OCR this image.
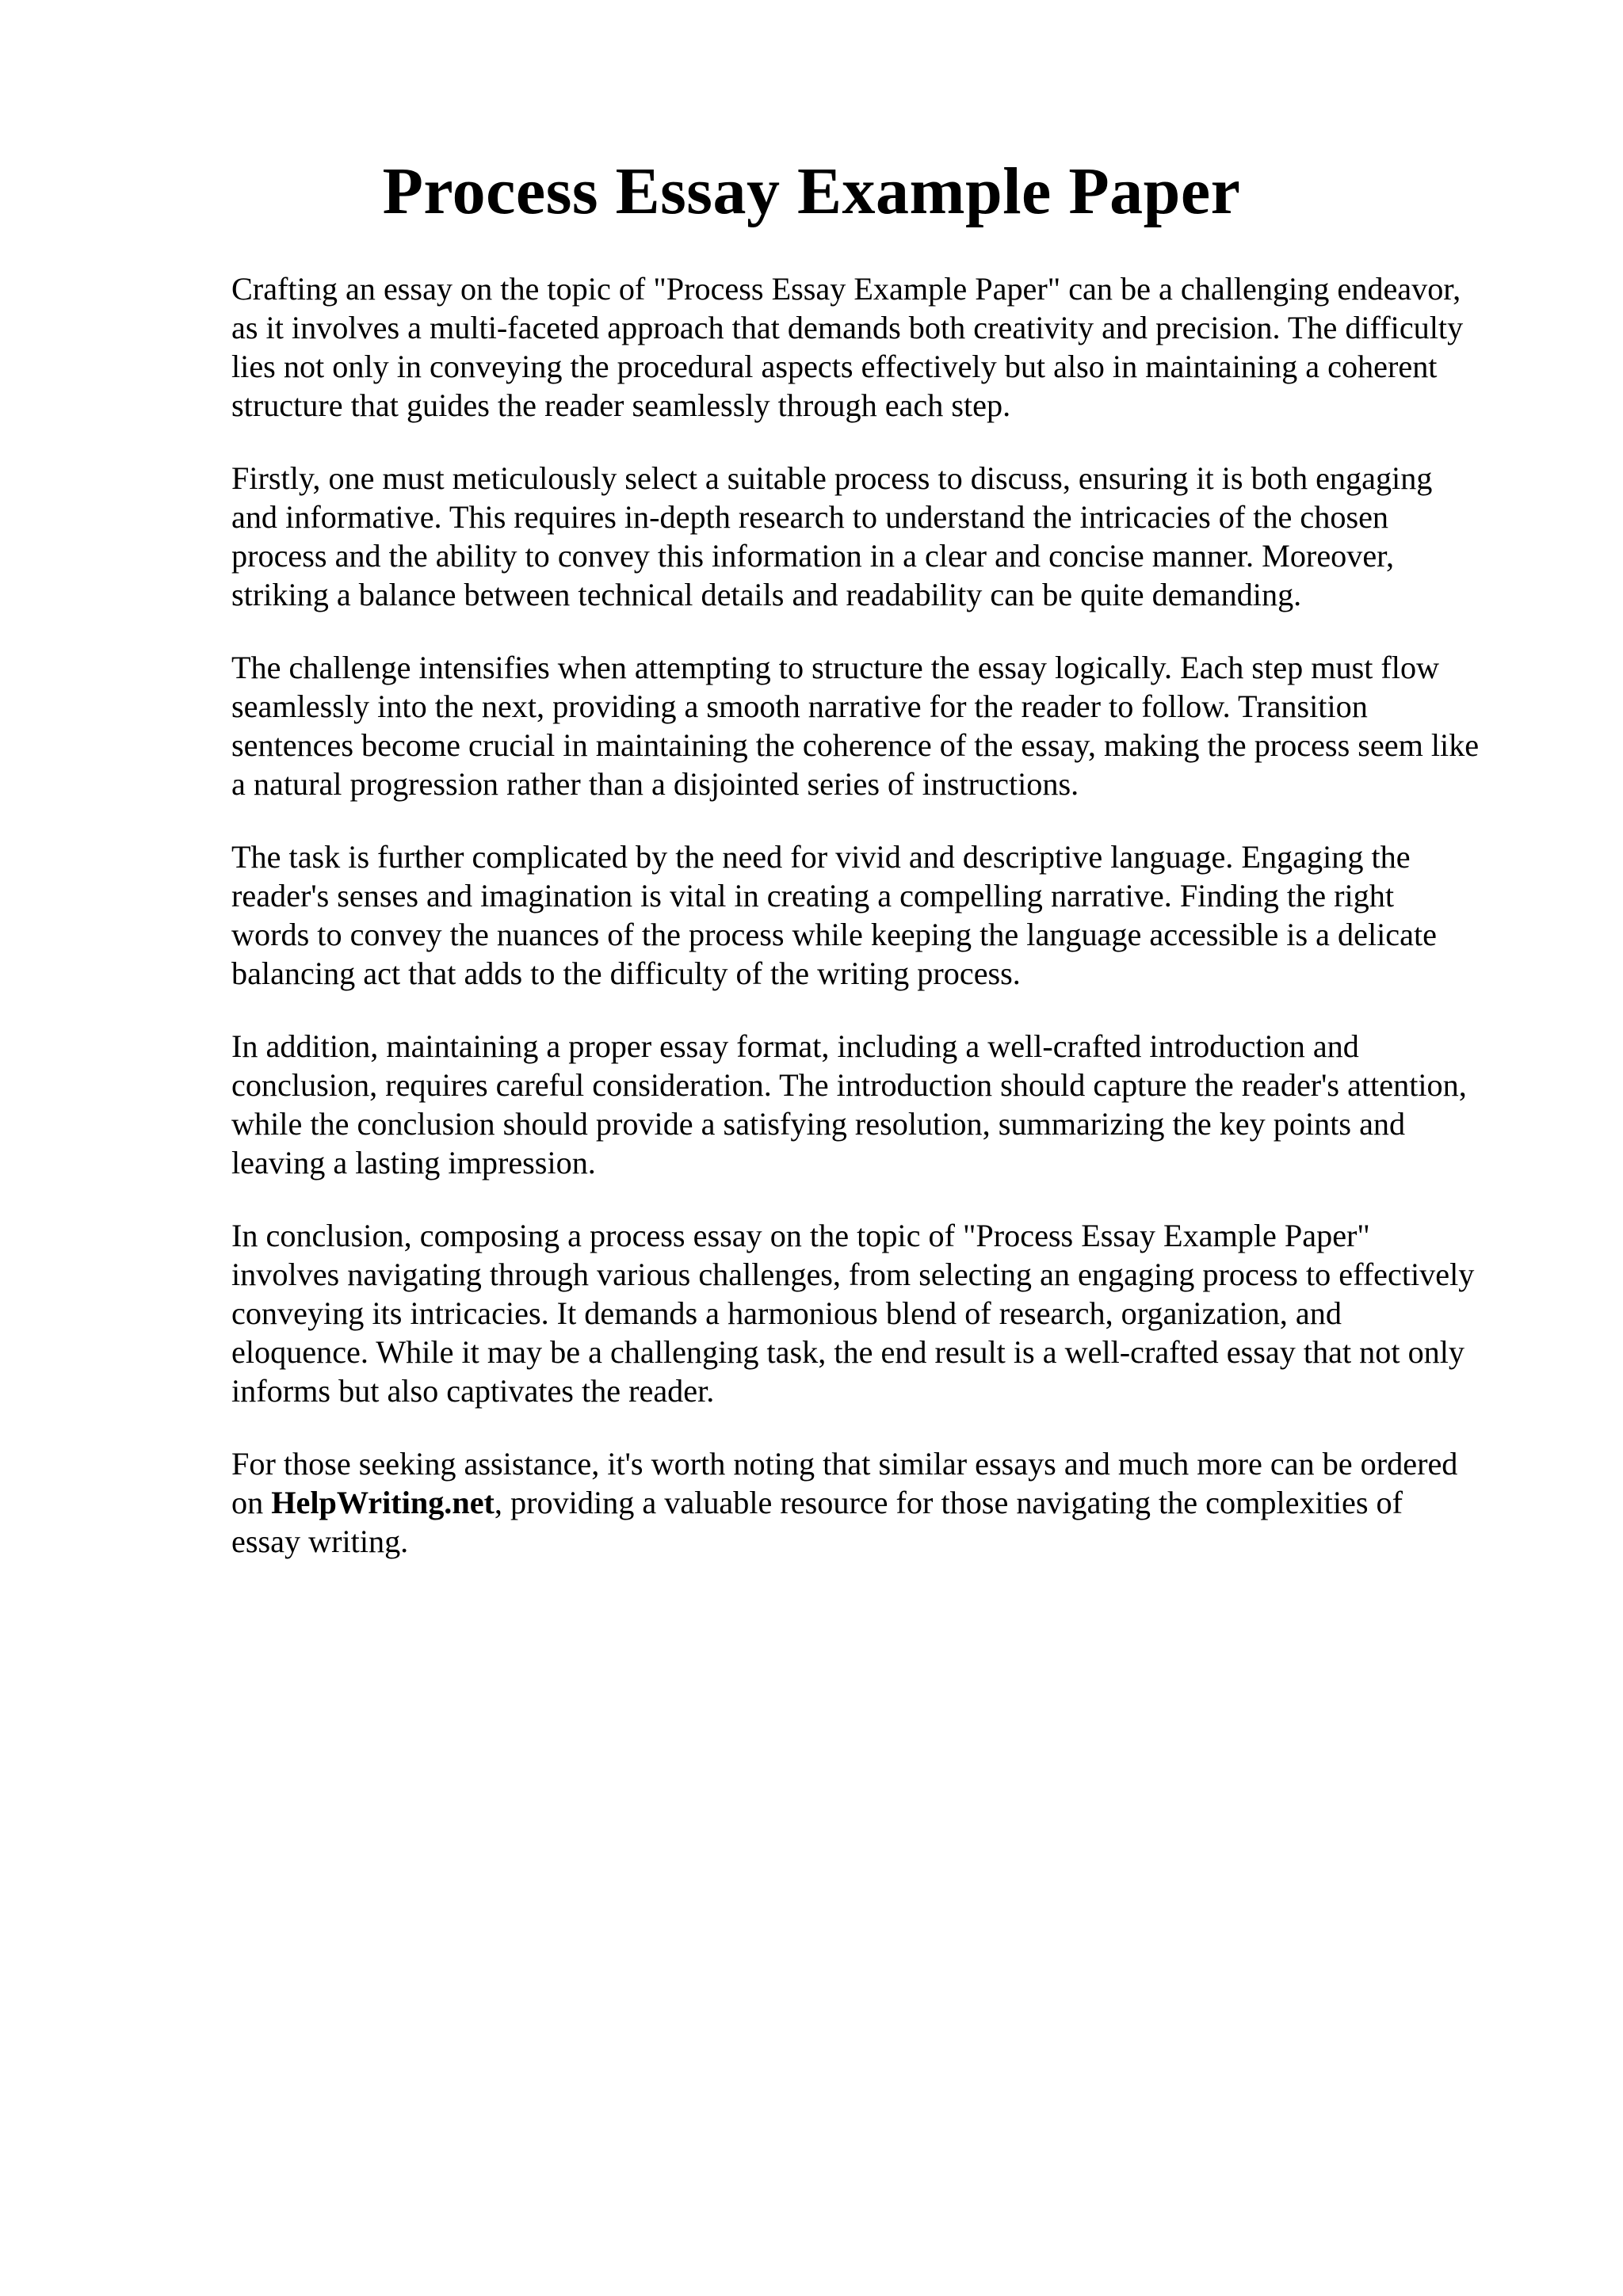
Process Essay Example Paper

Crafting an essay on the topic of "Process Essay Example Paper" can be a challenging endeavor,
as it involves a multi-faceted approach that demands both creativity and precision. The difficulty
lies not only in conveying the procedural aspects effectively but also in maintaining a coherent
structure that guides the reader seamlessly through each step.

Firstly, one must meticulously select a suitable process to discuss, ensuring it is both engaging
and informative. This requires in-depth research to understand the intricacies of the chosen
process and the ability to convey this information in a clear and concise manner. Moreover,
striking a balance between technical details and readability can be quite demanding.

The challenge intensifies when attempting to structure the essay logically. Each step must flow
seamlessly into the next, providing a smooth narrative for the reader to follow. Transition
sentences become crucial in maintaining the coherence of the essay, making the process seem like
a natural progression rather than a disjointed series of instructions.

The task is further complicated by the need for vivid and descriptive language. Engaging the
reader's senses and imagination is vital in creating a compelling narrative. Finding the right
words to convey the nuances of the process while keeping the language accessible is a delicate
balancing act that adds to the difficulty of the writing process.

In addition, maintaining a proper essay format, including a well-crafted introduction and
conclusion, requires careful consideration. The introduction should capture the reader's attention,
while the conclusion should provide a satisfying resolution, summarizing the key points and
leaving a lasting impression.

In conclusion, composing a process essay on the topic of "Process Essay Example Paper"
involves navigating through various challenges, from selecting an engaging process to effectively
conveying its intricacies. It demands a harmonious blend of research, organization, and
eloquence. While it may be a challenging task, the end result is a well-crafted essay that not only
informs but also captivates the reader.

For those seeking assistance, it's worth noting that similar essays and much more can be ordered
on HelpWriting.net, providing a valuable resource for those navigating the complexities of
essay writing.
